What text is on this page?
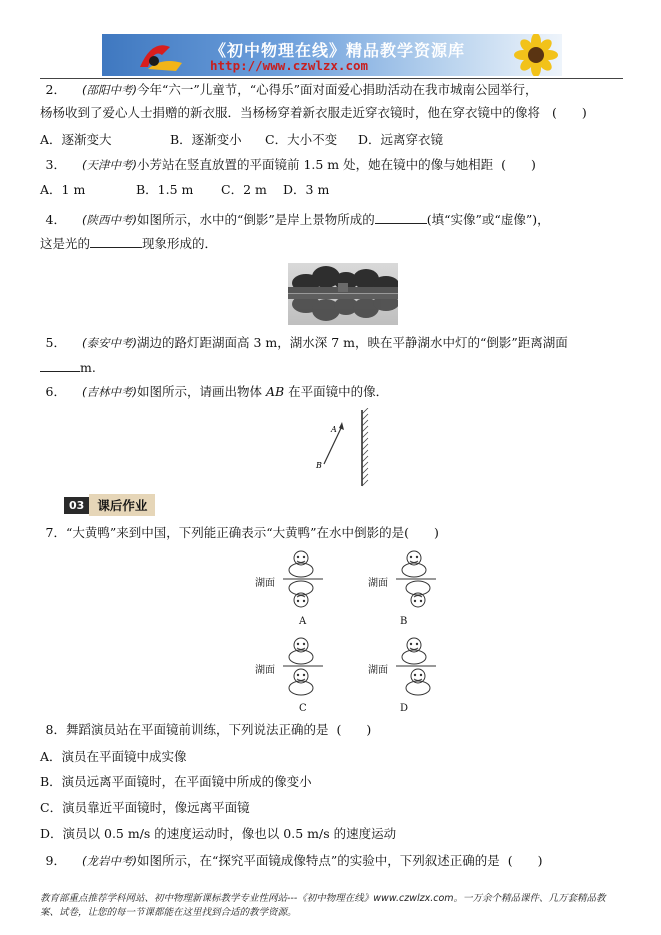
《初中物理在线》精品教学资源库
http://www.czwlzx.com
2． (邵阳中考)今年“六一”儿童节，“心得乐”面对面爱心捐助活动在我市城南公园举行，
杨杨收到了爱心人士捐赠的新衣服．当杨杨穿着新衣服走近穿衣镜时，他在穿衣镜中的像将 (　　)
A．逐渐变大	B．逐渐变小 C．大小不变 D．远离穿衣镜
3． (天津中考)小芳站在竖直放置的平面镜前 1.5 m 处，她在镜中的像与她相距 (　　)
A．1 m	B．1.5 m C．2 m D．3 m
4． (陕西中考)如图所示，水中的“倒影”是岸上景物所成的	(填“实像”或“虚像”)，
这是光的	现象形成的．
5． (泰安中考)湖边的路灯距湖面高 3 m，湖水深 7 m，映在平静湖水中灯的“倒影”距离湖面
m.
6． (吉林中考)如图所示，请画出物体 AB 在平面镜中的像．
A
B
03	课后作业
7．“大黄鸭”来到中国，下列能正确表示“大黄鸭”在水中倒影的是(　　)
湖面
A
湖面
B
湖面
C
湖面
D
8．舞蹈演员站在平面镜前训练，下列说法正确的是 (　　)
A．演员在平面镜中成实像
B．演员远离平面镜时，在平面镜中所成的像变小
C．演员靠近平面镜时，像远离平面镜
D．演员以 0.5 m/s 的速度运动时，像也以 0.5 m/s 的速度运动
9． (龙岩中考)如图所示，在“探究平面镜成像特点”的实验中，下列叙述正确的是 (　　)
教育部重点推荐学科网站、初中物理新课标教学专业性网站---《初中物理在线》www.czwlzx.com。一万余个精品课件、几万套精品教
案、试卷，让您的每一节课都能在这里找到合适的教学资源。
